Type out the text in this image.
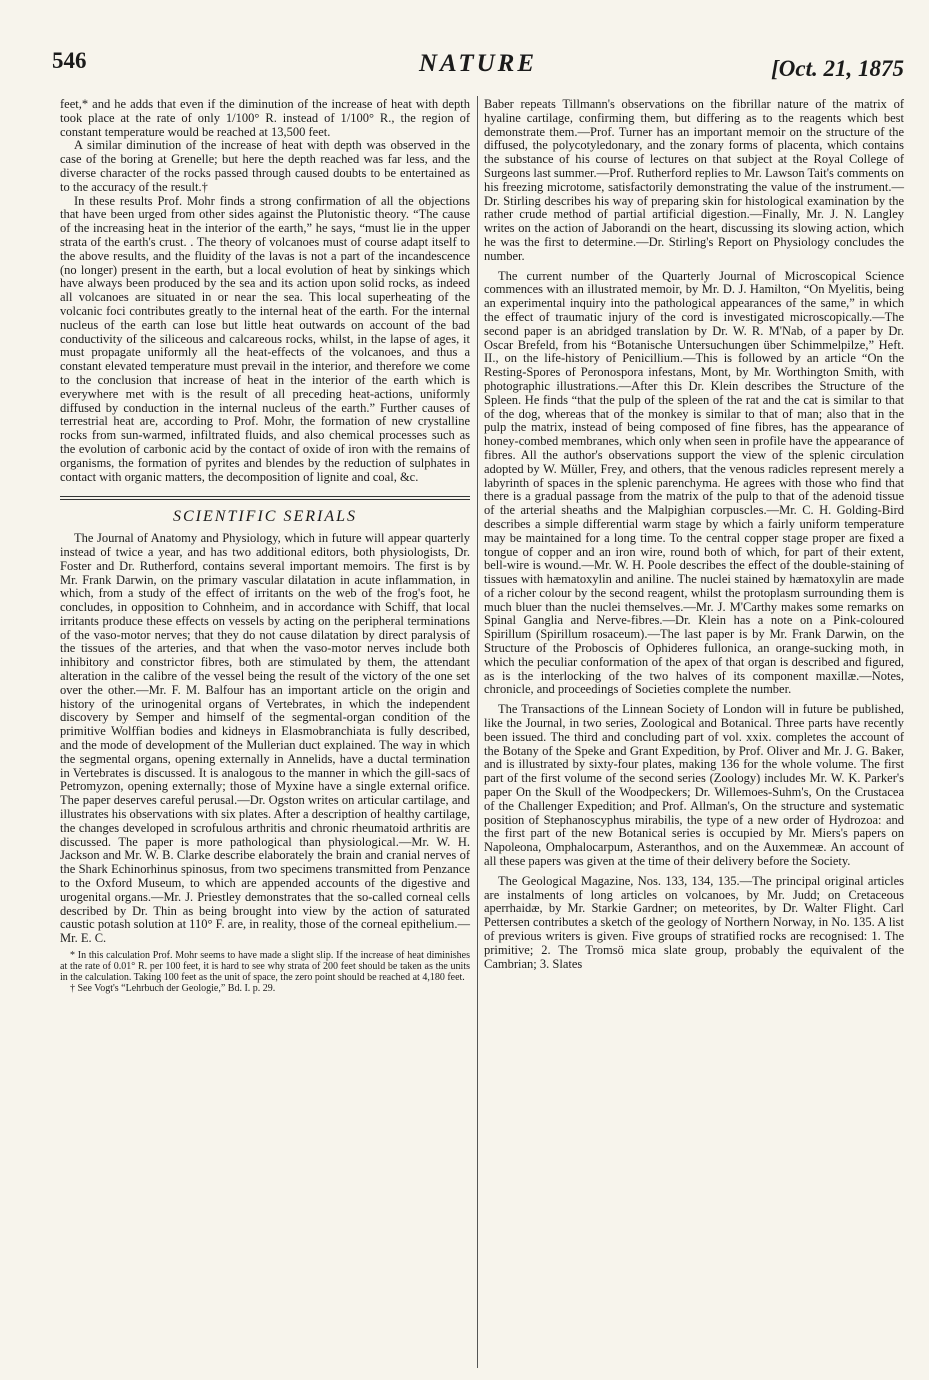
546	NATURE	[Oct. 21, 1875

feet,* and he adds that even if the diminution of the increase of heat with depth took place at the rate of only 1/100° R. instead of 1/100° R., the region of constant temperature would be reached at 13,500 feet.

A similar diminution of the increase of heat with depth was observed in the case of the boring at Grenelle; but here the depth reached was far less, and the diverse character of the rocks passed through caused doubts to be entertained as to the accuracy of the result.†

In these results Prof. Mohr finds a strong confirmation of all the objections that have been urged from other sides against the Plutonistic theory. “The cause of the increasing heat in the interior of the earth,” he says, “must lie in the upper strata of the earth's crust. . The theory of volcanoes must of course adapt itself to the above results, and the fluidity of the lavas is not a part of the incandescence (no longer) present in the earth, but a local evolution of heat by sinkings which have always been produced by the sea and its action upon solid rocks, as indeed all volcanoes are situated in or near the sea. This local superheating of the volcanic foci contributes greatly to the internal heat of the earth. For the internal nucleus of the earth can lose but little heat outwards on account of the bad conductivity of the siliceous and calcareous rocks, whilst, in the lapse of ages, it must propagate uniformly all the heat-effects of the volcanoes, and thus a constant elevated temperature must prevail in the interior, and therefore we come to the conclusion that increase of heat in the interior of the earth which is everywhere met with is the result of all preceding heat-actions, uniformly diffused by conduction in the internal nucleus of the earth.” Further causes of terrestrial heat are, according to Prof. Mohr, the formation of new crystalline rocks from sun-warmed, infiltrated fluids, and also chemical processes such as the evolution of carbonic acid by the contact of oxide of iron with the remains of organisms, the formation of pyrites and blendes by the reduction of sulphates in contact with organic matters, the decomposition of lignite and coal, &c.

SCIENTIFIC SERIALS

The Journal of Anatomy and Physiology, which in future will appear quarterly instead of twice a year, and has two additional editors, both physiologists, Dr. Foster and Dr. Rutherford, contains several important memoirs. The first is by Mr. Frank Darwin, on the primary vascular dilatation in acute inflammation, in which, from a study of the effect of irritants on the web of the frog's foot, he concludes, in opposition to Cohnheim, and in accordance with Schiff, that local irritants produce these effects on vessels by acting on the peripheral terminations of the vaso-motor nerves; that they do not cause dilatation by direct paralysis of the tissues of the arteries, and that when the vaso-motor nerves include both inhibitory and constrictor fibres, both are stimulated by them, the attendant alteration in the calibre of the vessel being the result of the victory of the one set over the other.—Mr. F. M. Balfour has an important article on the origin and history of the urinogenital organs of Vertebrates, in which the independent discovery by Semper and himself of the segmental-organ condition of the primitive Wolffian bodies and kidneys in Elasmobranchiata is fully described, and the mode of development of the Mullerian duct explained. The way in which the segmental organs, opening externally in Annelids, have a ductal termination in Vertebrates is discussed. It is analogous to the manner in which the gill-sacs of Petromyzon, opening externally; those of Myxine have a single external orifice. The paper deserves careful perusal.—Dr. Ogston writes on articular cartilage, and illustrates his observations with six plates. After a description of healthy cartilage, the changes developed in scrofulous arthritis and chronic rheumatoid arthritis are discussed. The paper is more pathological than physiological.—Mr. W. H. Jackson and Mr. W. B. Clarke describe elaborately the brain and cranial nerves of the Shark Echinorhinus spinosus, from two specimens transmitted from Penzance to the Oxford Museum, to which are appended accounts of the digestive and urogenital organs.—Mr. J. Priestley demonstrates that the so-called corneal cells described by Dr. Thin as being brought into view by the action of saturated caustic potash solution at 110° F. are, in reality, those of the corneal epithelium.—Mr. E. C.

* In this calculation Prof. Mohr seems to have made a slight slip. If the increase of heat diminishes at the rate of 0.01° R. per 100 feet, it is hard to see why strata of 200 feet should be taken as the units in the calculation. Taking 100 feet as the unit of space, the zero point should be reached at 4,180 feet.

† See Vogt's “Lehrbuch der Geologie,” Bd. I. p. 29.

Baber repeats Tillmann's observations on the fibrillar nature of the matrix of hyaline cartilage, confirming them, but differing as to the reagents which best demonstrate them.—Prof. Turner has an important memoir on the structure of the diffused, the polycotyledonary, and the zonary forms of placenta, which contains the substance of his course of lectures on that subject at the Royal College of Surgeons last summer.—Prof. Rutherford replies to Mr. Lawson Tait's comments on his freezing microtome, satisfactorily demonstrating the value of the instrument.—Dr. Stirling describes his way of preparing skin for histological examination by the rather crude method of partial artificial digestion.—Finally, Mr. J. N. Langley writes on the action of Jaborandi on the heart, discussing its slowing action, which he was the first to determine.—Dr. Stirling's Report on Physiology concludes the number.

The current number of the Quarterly Journal of Microscopical Science commences with an illustrated memoir, by Mr. D. J. Hamilton, “On Myelitis, being an experimental inquiry into the pathological appearances of the same,” in which the effect of traumatic injury of the cord is investigated microscopically.—The second paper is an abridged translation by Dr. W. R. M'Nab, of a paper by Dr. Oscar Brefeld, from his “Botanische Untersuchungen über Schimmelpilze,” Heft. II., on the life-history of Penicillium.—This is followed by an article “On the Resting-Spores of Peronospora infestans, Mont, by Mr. Worthington Smith, with photographic illustrations.—After this Dr. Klein describes the Structure of the Spleen. He finds “that the pulp of the spleen of the rat and the cat is similar to that of the dog, whereas that of the monkey is similar to that of man; also that in the pulp the matrix, instead of being composed of fine fibres, has the appearance of honey-combed membranes, which only when seen in profile have the appearance of fibres. All the author's observations support the view of the splenic circulation adopted by W. Müller, Frey, and others, that the venous radicles represent merely a labyrinth of spaces in the splenic parenchyma. He agrees with those who find that there is a gradual passage from the matrix of the pulp to that of the adenoid tissue of the arterial sheaths and the Malpighian corpuscles.—Mr. C. H. Golding-Bird describes a simple differential warm stage by which a fairly uniform temperature may be maintained for a long time. To the central copper stage proper are fixed a tongue of copper and an iron wire, round both of which, for part of their extent, bell-wire is wound.—Mr. W. H. Poole describes the effect of the double-staining of tissues with hæmatoxylin and aniline. The nuclei stained by hæmatoxylin are made of a richer colour by the second reagent, whilst the protoplasm surrounding them is much bluer than the nuclei themselves.—Mr. J. M'Carthy makes some remarks on Spinal Ganglia and Nerve-fibres.—Dr. Klein has a note on a Pink-coloured Spirillum (Spirillum rosaceum).—The last paper is by Mr. Frank Darwin, on the Structure of the Proboscis of Ophideres fullonica, an orange-sucking moth, in which the peculiar conformation of the apex of that organ is described and figured, as is the interlocking of the two halves of its component maxillæ.—Notes, chronicle, and proceedings of Societies complete the number.

The Transactions of the Linnean Society of London will in future be published, like the Journal, in two series, Zoological and Botanical. Three parts have recently been issued. The third and concluding part of vol. xxix. completes the account of the Botany of the Speke and Grant Expedition, by Prof. Oliver and Mr. J. G. Baker, and is illustrated by sixty-four plates, making 136 for the whole volume. The first part of the first volume of the second series (Zoology) includes Mr. W. K. Parker's paper On the Skull of the Woodpeckers; Dr. Willemoes-Suhm's, On the Crustacea of the Challenger Expedition; and Prof. Allman's, On the structure and systematic position of Stephanoscyphus mirabilis, the type of a new order of Hydrozoa: and the first part of the new Botanical series is occupied by Mr. Miers's papers on Napoleona, Omphalocarpum, Asteranthos, and on the Auxemmeæ. An account of all these papers was given at the time of their delivery before the Society.

The Geological Magazine, Nos. 133, 134, 135.—The principal original articles are instalments of long articles on volcanoes, by Mr. Judd; on Cretaceous aperrhaidæ, by Mr. Starkie Gardner; on meteorites, by Dr. Walter Flight. Carl Pettersen contributes a sketch of the geology of Northern Norway, in No. 135. A list of previous writers is given. Five groups of stratified rocks are recognised: 1. The primitive; 2. The Tromsö mica slate group, probably the equivalent of the Cambrian; 3. Slates
